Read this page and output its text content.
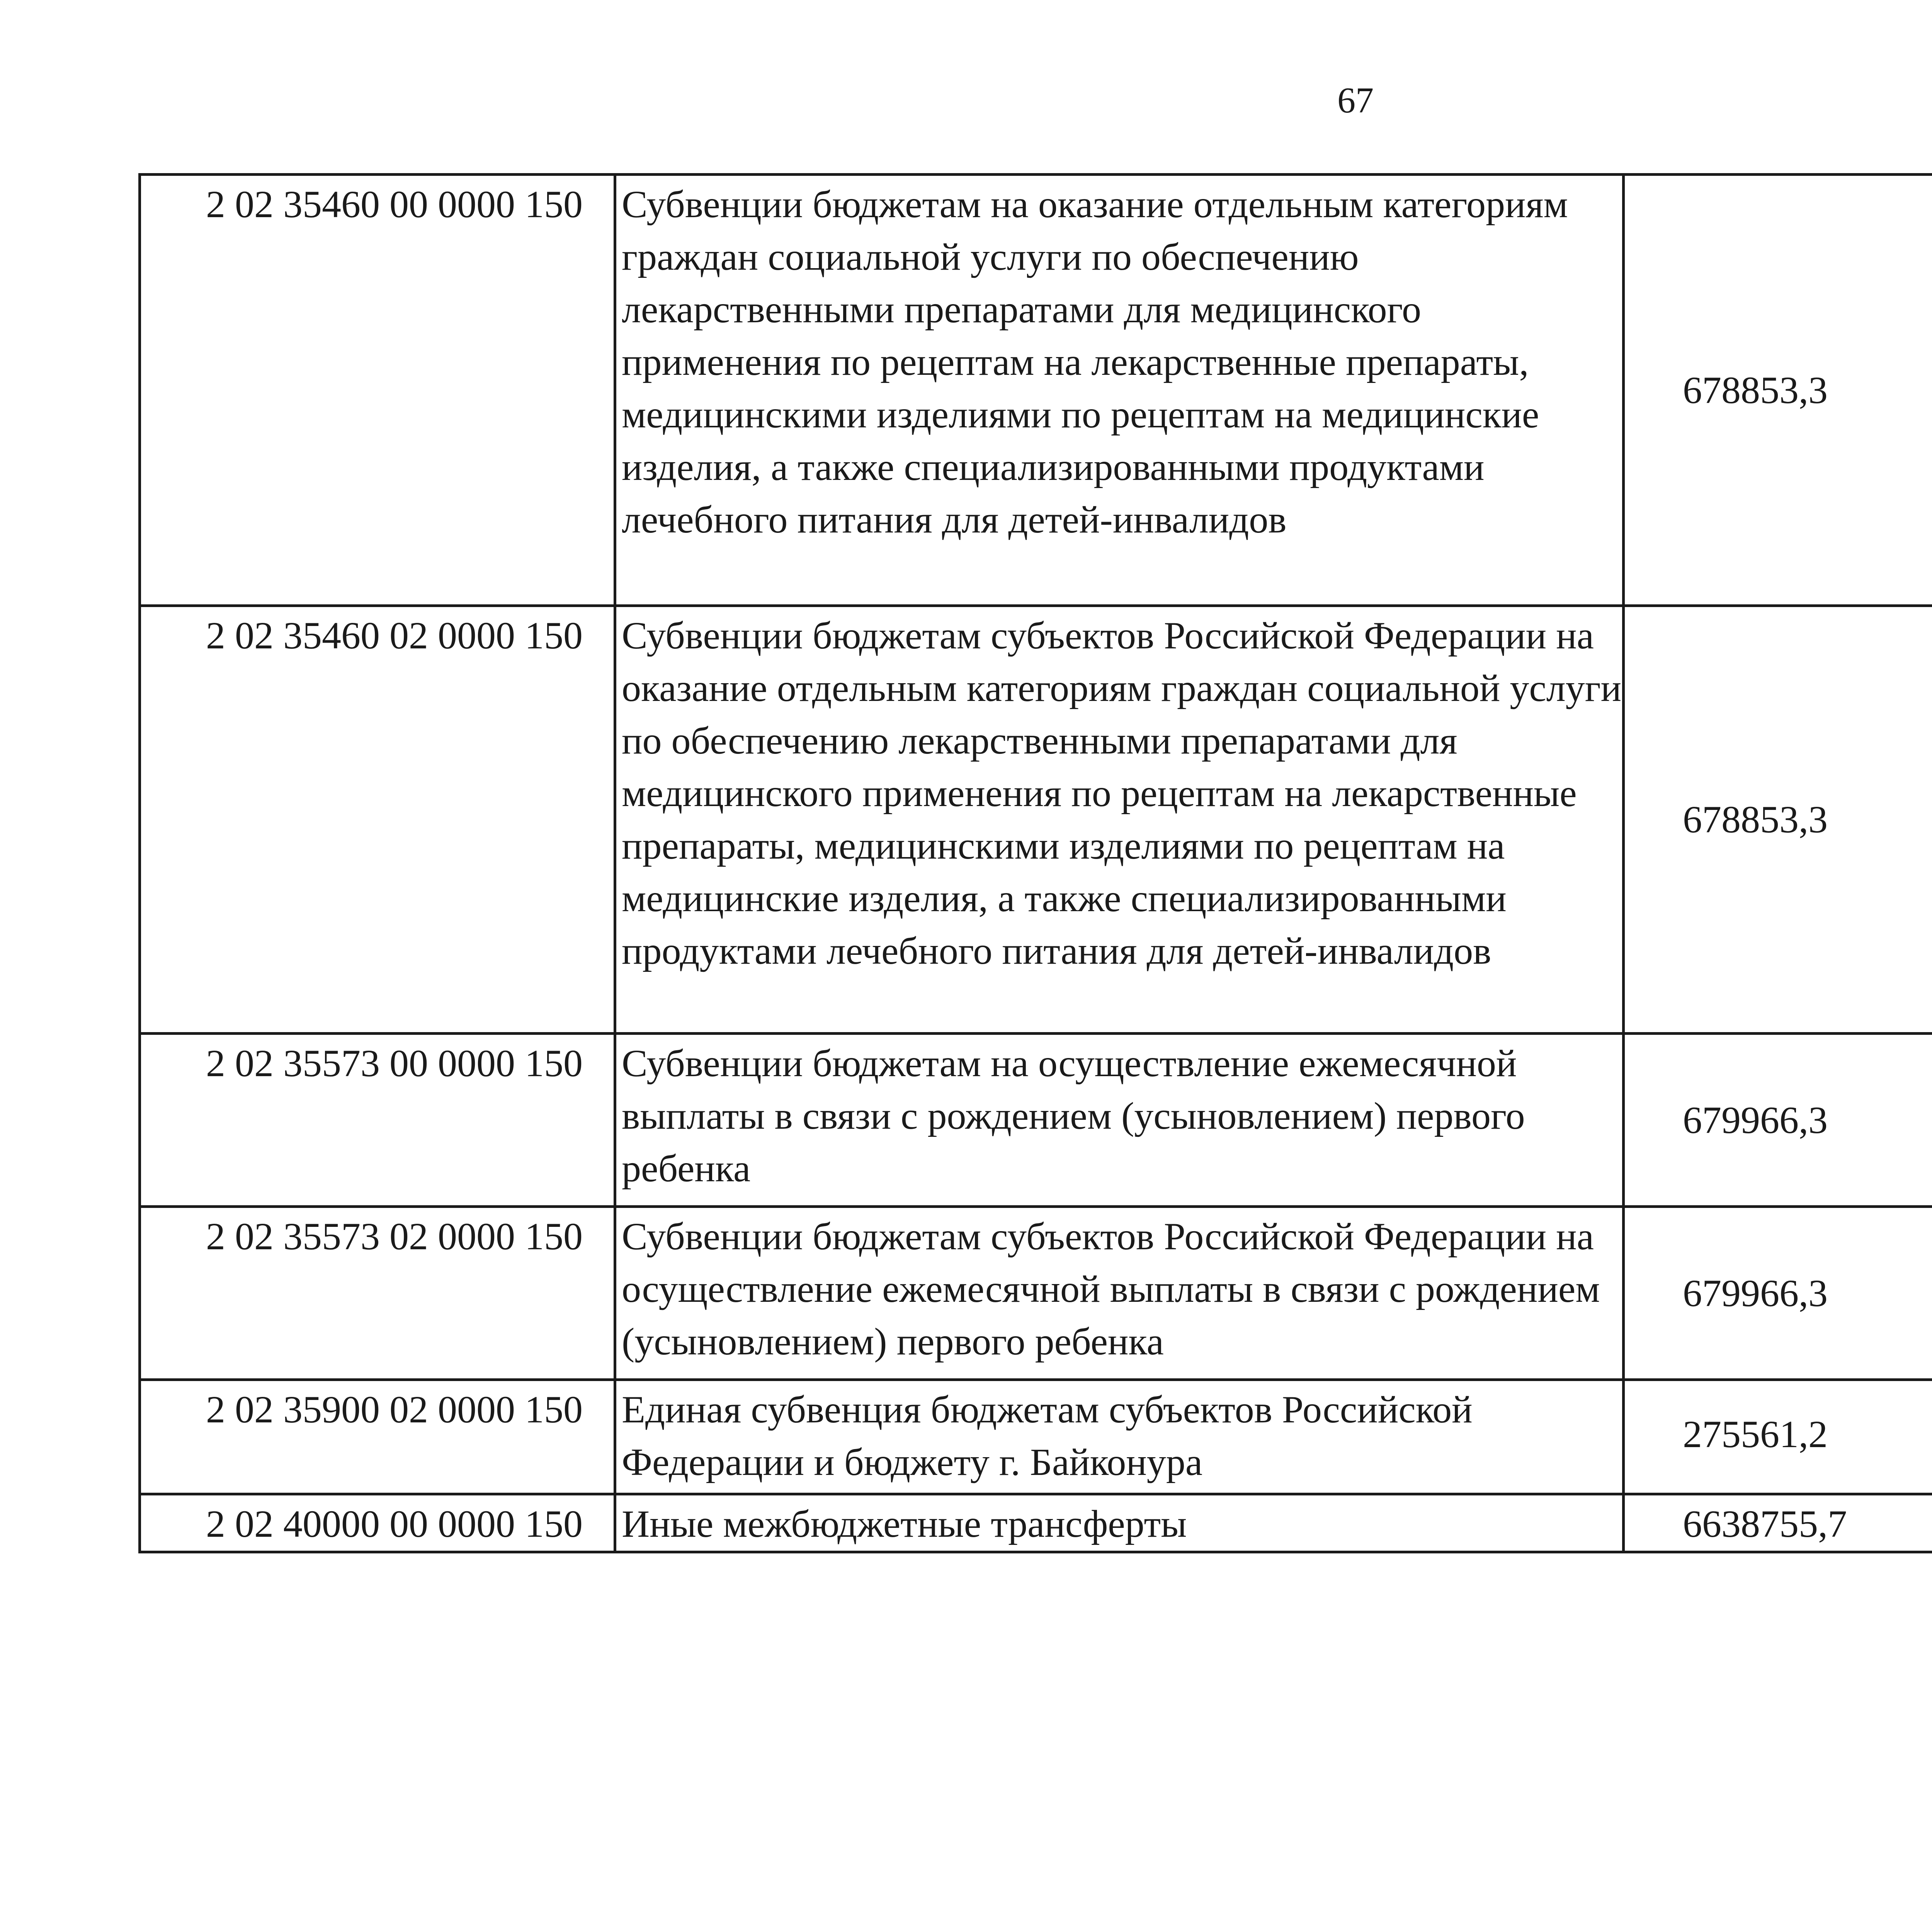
67
2 02 35460 00 0000 150	Субвенции бюджетам на оказание отдельным категориям граждан социальной услуги по обеспечению лекарственными препаратами для медицинского применения по рецептам на лекарственные препараты, медицинскими изделиями по рецептам на медицинские изделия, а также специализированными продуктами лечебного питания для детей-инвалидов	678853,3		
2 02 35460 02 0000 150	Субвенции бюджетам субъектов Российской Федерации на оказание отдельным категориям граждан социальной услуги по обеспечению лекарственными препаратами для медицинского применения по рецептам на лекарственные препараты, медицинскими изделиями по рецептам на медицинские изделия, а также специализированными продуктами лечебного питания для детей-инвалидов	678853,3		
2 02 35573 00 0000 150	Субвенции бюджетам на осуществление ежемесячной выплаты в связи с рождением (усыновлением) первого ребенка	679966,3		
2 02 35573 02 0000 150	Субвенции бюджетам субъектов Российской Федерации на осуществление ежемесячной выплаты в связи с рождением (усыновлением) первого ребенка	679966,3		
2 02 35900 02 0000 150	Единая субвенция бюджетам субъектов Российской Федерации и бюджету г. Байконура	275561,2		
2 02 40000 00 0000 150	Иные межбюджетные трансферты	6638755,7		
